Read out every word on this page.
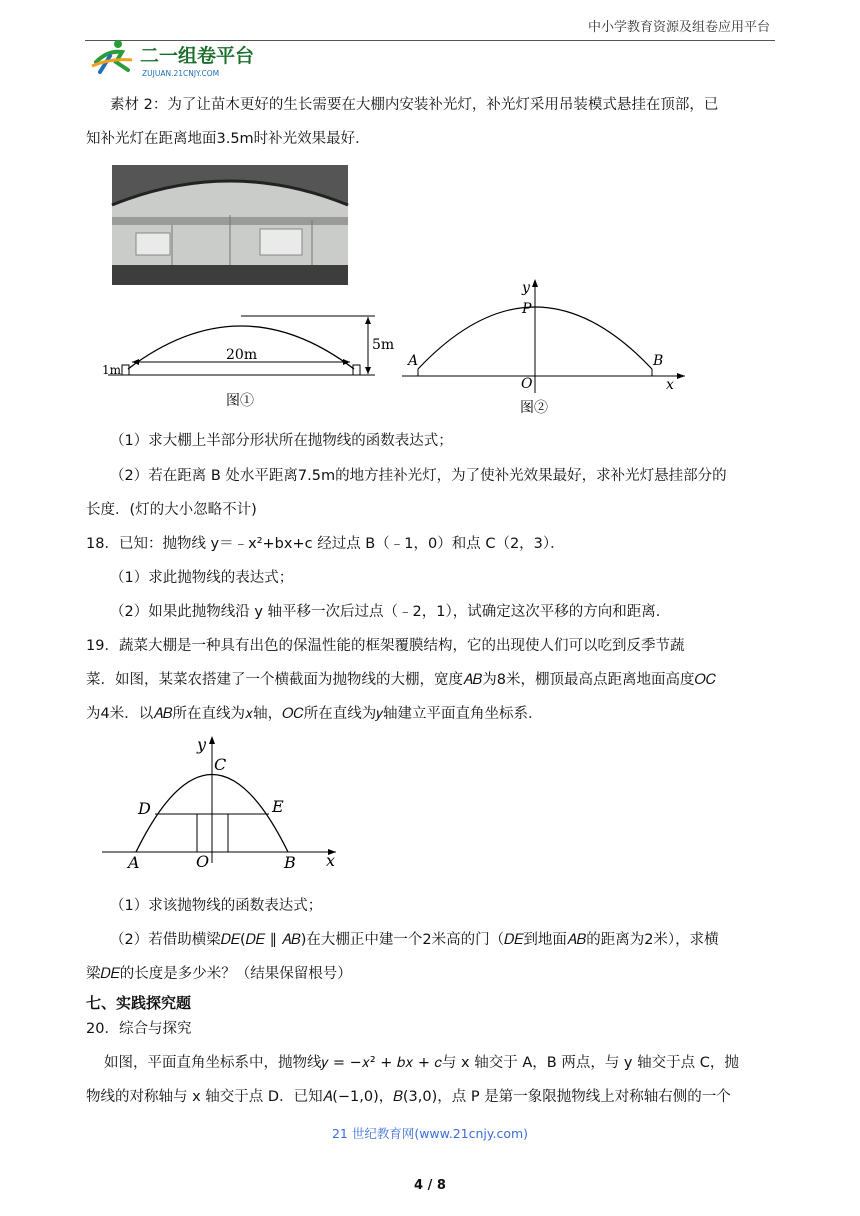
中小学教育资源及组卷应用平台
二一组卷平台
ZUJUAN.21CNJY.COM
素材 2：为了让苗木更好的生长需要在大棚内安装补光灯，补光灯采用吊装模式悬挂在顶部，已
知补光灯在距离地面3.5m时补光效果最好．
20m
5m
1m
图①
y
P
A	B
O	x
图②
（1）求大棚上半部分形状所在抛物线的函数表达式；
（2）若在距离 B 处水平距离7.5m的地方挂补光灯，为了使补光效果最好，求补光灯悬挂部分的
长度．(灯的大小忽略不计)
18．已知：抛物线 y＝﹣x²+bx+c 经过点 B（﹣1，0）和点 C（2，3）．
（1）求此抛物线的表达式；
（2）如果此抛物线沿 y 轴平移一次后过点（﹣2，1），试确定这次平移的方向和距离．
19．蔬菜大棚是一种具有出色的保温性能的框架覆膜结构，它的出现使人们可以吃到反季节蔬
菜．如图，某菜农搭建了一个横截面为抛物线的大棚，宽度𝐴𝐵为8米，棚顶最高点距离地面高度𝑂𝐶
为4米．以𝐴𝐵所在直线为𝑥轴，𝑂𝐶所在直线为𝑦轴建立平面直角坐标系．
y
C
D	E
A	O	B x
（1）求该抛物线的函数表达式；
（2）若借助横梁𝐷𝐸(𝐷𝐸 ∥ 𝐴𝐵)在大棚正中建一个2米高的门（𝐷𝐸到地面𝐴𝐵的距离为2米），求横
梁𝐷𝐸的长度是多少米？（结果保留根号）
七、实践探究题
20．综合与探究
如图，平面直角坐标系中，抛物线𝑦 = −𝑥² + 𝑏𝑥 + 𝑐与 x 轴交于 A，B 两点，与 y 轴交于点 C，抛
物线的对称轴与 x 轴交于点 D．已知𝐴(−1,0)，𝐵(3,0)，点 P 是第一象限抛物线上对称轴右侧的一个
21 世纪教育网(www.21cnjy.com)
4 / 8
